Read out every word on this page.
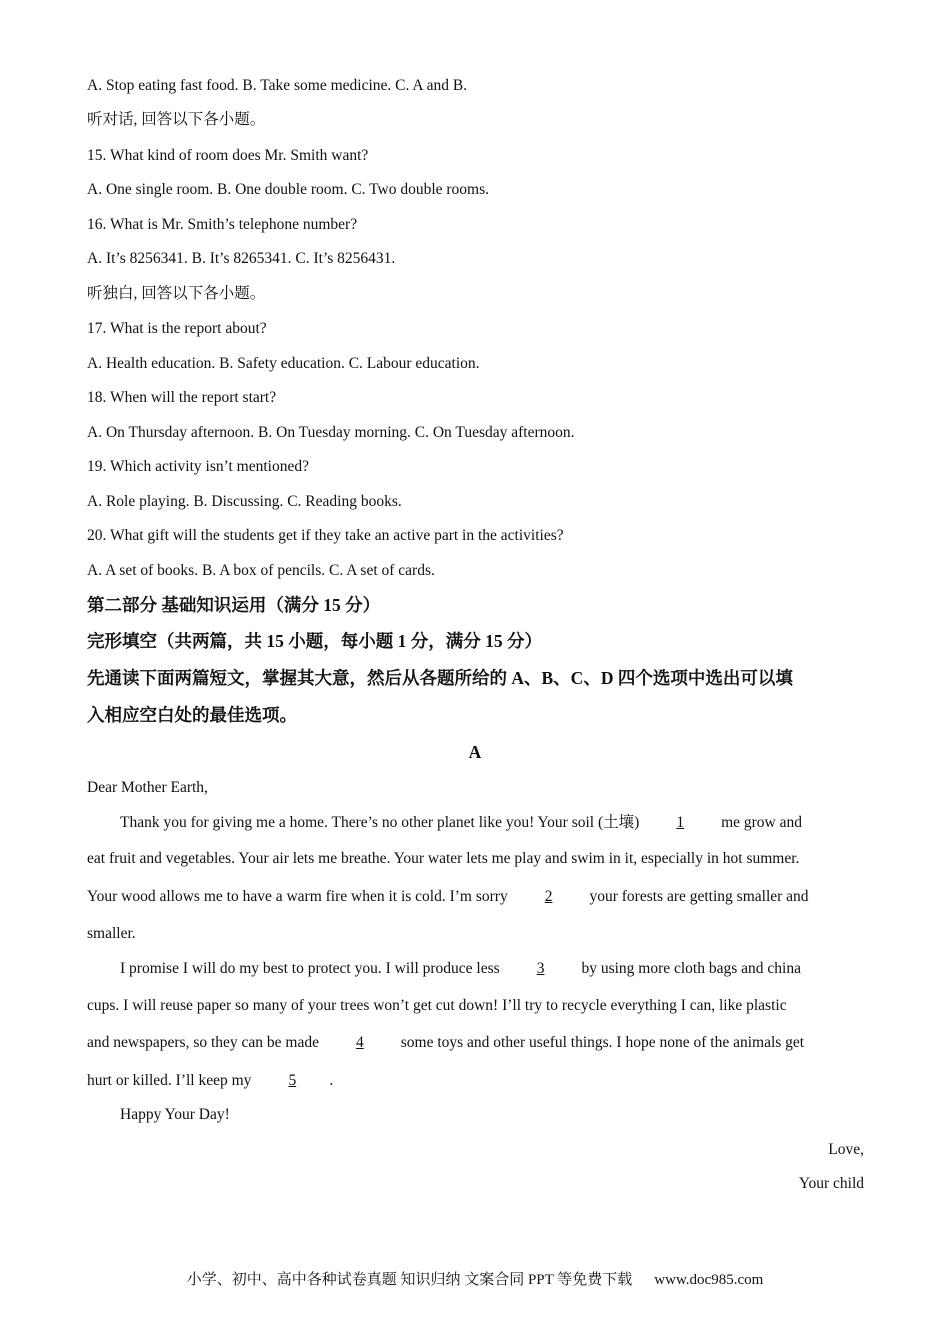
A. Stop eating fast food. B. Take some medicine. C. A and B.
听对话, 回答以下各小题。
15. What kind of room does Mr. Smith want?
A. One single room. B. One double room. C. Two double rooms.
16. What is Mr. Smith’s telephone number?
A. It’s 8256341. B. It’s 8265341. C. It’s 8256431.
听独白, 回答以下各小题。
17. What is the report about?
A. Health education. B. Safety education. C. Labour education.
18. When will the report start?
A. On Thursday afternoon. B. On Tuesday morning. C. On Tuesday afternoon.
19. Which activity isn’t mentioned?
A. Role playing. B. Discussing. C. Reading books.
20. What gift will the students get if they take an active part in the activities?
A. A set of books. B. A box of pencils. C. A set of cards.
第二部分 基础知识运用（满分 15 分）
完形填空（共两篇，共 15 小题，每小题 1 分，满分 15 分）
先通读下面两篇短文，掌握其大意，然后从各题所给的 A、B、C、D 四个选项中选出可以填
入相应空白处的最佳选项。
A
Dear Mother Earth,
Thank you for giving me a home. There’s no other planet like you! Your soil (土壤) 1 me grow and
eat fruit and vegetables. Your air lets me breathe. Your water lets me play and swim in it, especially in hot summer.
Your wood allows me to have a warm fire when it is cold. I’m sorry 2 your forests are getting smaller and
smaller.
I promise I will do my best to protect you. I will produce less 3 by using more cloth bags and china
cups. I will reuse paper so many of your trees won’t get cut down! I’ll try to recycle everything I can, like plastic
and newspapers, so they can be made 4 some toys and other useful things. I hope none of the animals get
hurt or killed. I’ll keep my 5 .
Happy Your Day!
Love,
Your child
小学、初中、高中各种试卷真题 知识归纳 文案合同 PPT 等免费下载 www.doc985.com
